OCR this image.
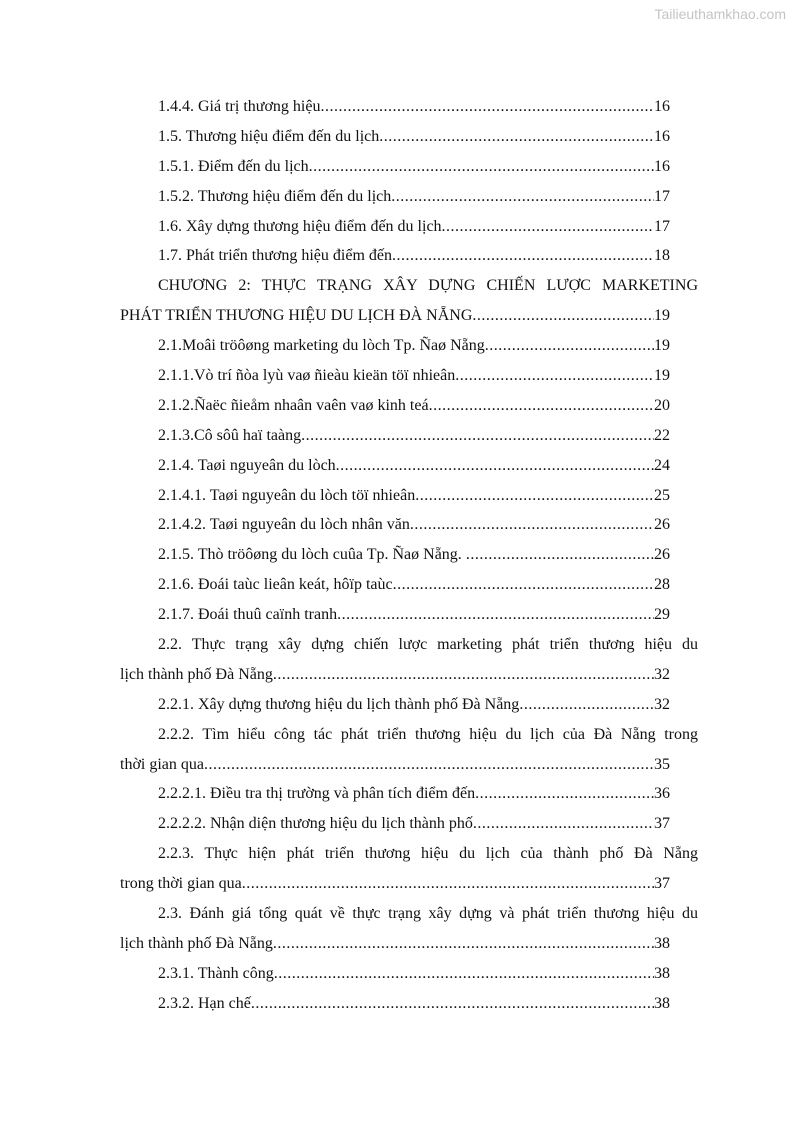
Tailieuthamkhao.com
1.4.4. Giá trị thương hiệu .....	16
1.5. Thương hiệu điểm đến du lịch .....	16
1.5.1. Điểm đến du lịch .....	16
1.5.2. Thương hiệu điểm đến du lịch .....	17
1.6. Xây dựng thương hiệu điểm đến du lịch .....	17
1.7. Phát triển thương hiệu điểm đến .....	18
CHƯƠNG 2: THỰC TRẠNG XÂY DỰNG CHIẾN LƯỢC MARKETING
PHÁT TRIỂN THƯƠNG HIỆU DU LỊCH ĐÀ NẴNG .....	19
2.1.Moâi tröôøng marketing du lòch Tp. Ñaø Nẵng .....	19
2.1.1.Vò trí ñòa lyù vaø ñieàu kieän töï nhieân .....	19
2.1.2.Ñaëc ñieåm nhaân vaên vaø kinh teá .....	20
2.1.3.Cô sôû haï taàng .....	22
2.1.4. Taøi nguyeân du lòch .....	24
2.1.4.1. Taøi nguyeân du lòch töï nhieân .....	25
2.1.4.2. Taøi nguyeân du lòch nhân văn .....	26
2.1.5. Thò tröôøng du lòch cuûa Tp. Ñaø Nẵng. .....	26
2.1.6. Đoái taùc lieân keát, hôïp taùc .....	28
2.1.7. Đoái thuû caïnh tranh .....	29
2.2. Thực trạng xây dựng chiến lược marketing phát triển thương hiệu du
lịch thành phố Đà Nẵng .....	32
2.2.1. Xây dựng thương hiệu du lịch thành phố Đà Nẵng .....	32
2.2.2. Tìm hiểu công tác phát triển thương hiệu du lịch của Đà Nẵng trong
thời gian qua .....	35
2.2.2.1. Điều tra thị trường và phân tích điểm đến .....	36
2.2.2.2. Nhận diện thương hiệu du lịch thành phố .....	37
2.2.3. Thực hiện phát triển thương hiệu du lịch của thành phố Đà Nẵng
trong thời gian qua .....	37
2.3. Đánh giá tổng quát về thực trạng xây dựng và phát triển thương hiệu du
lịch thành phố Đà Nẵng .....	38
2.3.1. Thành công .....	38
2.3.2. Hạn chế .....	38
